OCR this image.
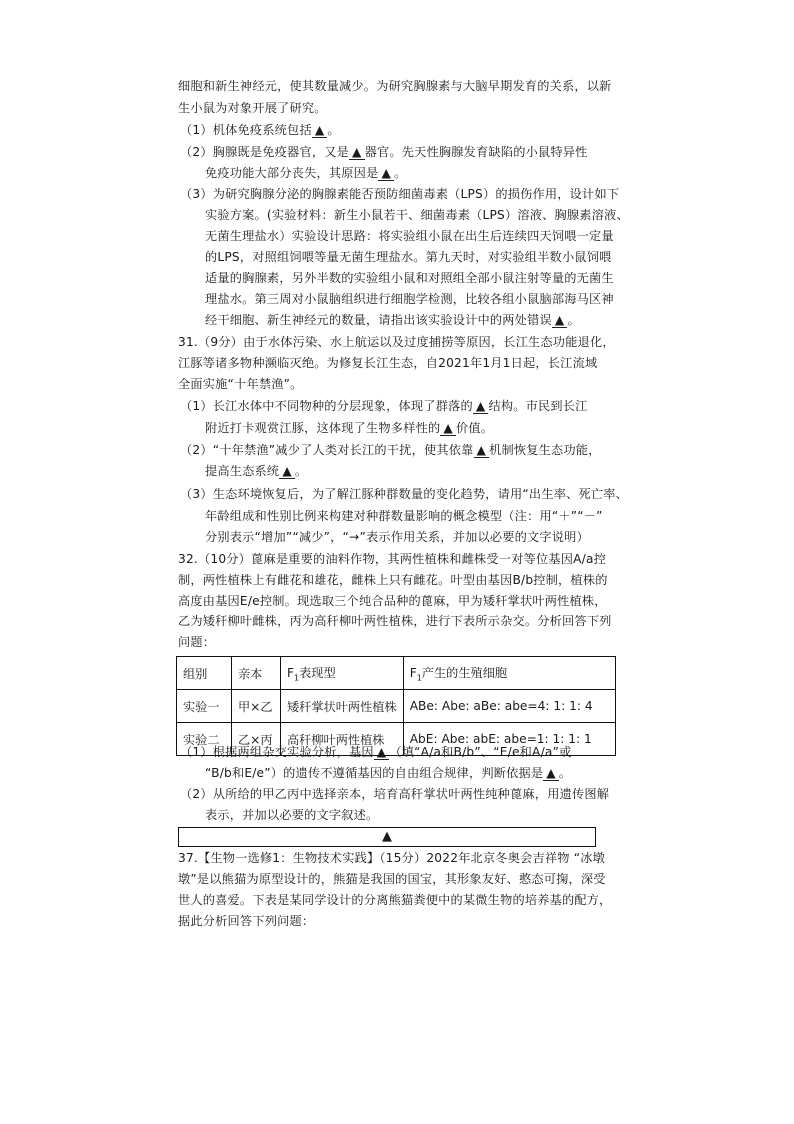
细胞和新生神经元，使其数量减少。为研究胸腺素与大脑早期发育的关系，以新
生小鼠为对象开展了研究。
（1）机体免疫系统包括 ▲ 。
（2）胸腺既是免疫器官，又是 ▲ 器官。先天性胸腺发育缺陷的小鼠特异性
免疫功能大部分丧失，其原因是 ▲ 。
（3）为研究胸腺分泌的胸腺素能否预防细菌毒素（LPS）的损伤作用，设计如下
实验方案。(实验材料：新生小鼠若干、细菌毒素（LPS）溶液、胸腺素溶液、
无菌生理盐水）实验设计思路：将实验组小鼠在出生后连续四天饲喂一定量
的LPS，对照组饲喂等量无菌生理盐水。第九天时，对实验组半数小鼠饲喂
适量的胸腺素，另外半数的实验组小鼠和对照组全部小鼠注射等量的无菌生
理盐水。第三周对小鼠脑组织进行细胞学检测，比较各组小鼠脑部海马区神
经干细胞、新生神经元的数量，请指出该实验设计中的两处错误 ▲ 。
31.（9分）由于水体污染、水上航运以及过度捕捞等原因，长江生态功能退化，
江豚等诸多物种濒临灭绝。为修复长江生态，自2021年1月1日起，长江流域
全面实施“十年禁渔”。
（1）长江水体中不同物种的分层现象，体现了群落的 ▲ 结构。市民到长江
附近打卡观赏江豚，这体现了生物多样性的 ▲ 价值。
（2）“十年禁渔”减少了人类对长江的干扰，使其依靠 ▲ 机制恢复生态功能，
提高生态系统 ▲ 。
（3）生态环境恢复后，为了解江豚种群数量的变化趋势，请用“出生率、死亡率、
年龄组成和性别比例来构建对种群数量影响的概念模型（注：用“＋”“－”
分别表示“增加”“减少”，“→”表示作用关系，并加以必要的文字说明）
32.（10分）蓖麻是重要的油料作物，其两性植株和雌株受一对等位基因A/a控
制，两性植株上有雌花和雄花，雌株上只有雌花。叶型由基因B/b控制，植株的
高度由基因E/e控制。现选取三个纯合品种的蓖麻，甲为矮秆掌状叶两性植株，
乙为矮秆柳叶雌株，丙为高秆柳叶两性植株，进行下表所示杂交。分析回答下列
组别	亲本	$F_1$表现型	$F_1$产生的生殖细胞
实验一	甲×乙	矮秆掌状叶两性植株	ABe: Abe: aBe: abe=4: 1: 1: 4
实验二	乙×丙	高秆柳叶两性植株	AbE: Abe: abE: abe=1: 1: 1: 1
（1）根据两组杂交实验分析，基因 ▲ （填“A/a和B/b”、“E/e和A/a”或
“B/b和E/e”）的遗传不遵循基因的自由组合规律，判断依据是 ▲ 。
（2）从所给的甲乙丙中选择亲本，培育高秆掌状叶两性纯种蓖麻，用遗传图解
表示，并加以必要的文字叙述。
▲
37.【生物一选修1：生物技术实践】（15分）2022年北京冬奥会吉祥物 “冰墩
墩”是以熊猫为原型设计的，熊猫是我国的国宝，其形象友好、憨态可掬，深受
世人的喜爱。下表是某同学设计的分离熊猫粪便中的某微生物的培养基的配方，
据此分析回答下列问题：
问题：
